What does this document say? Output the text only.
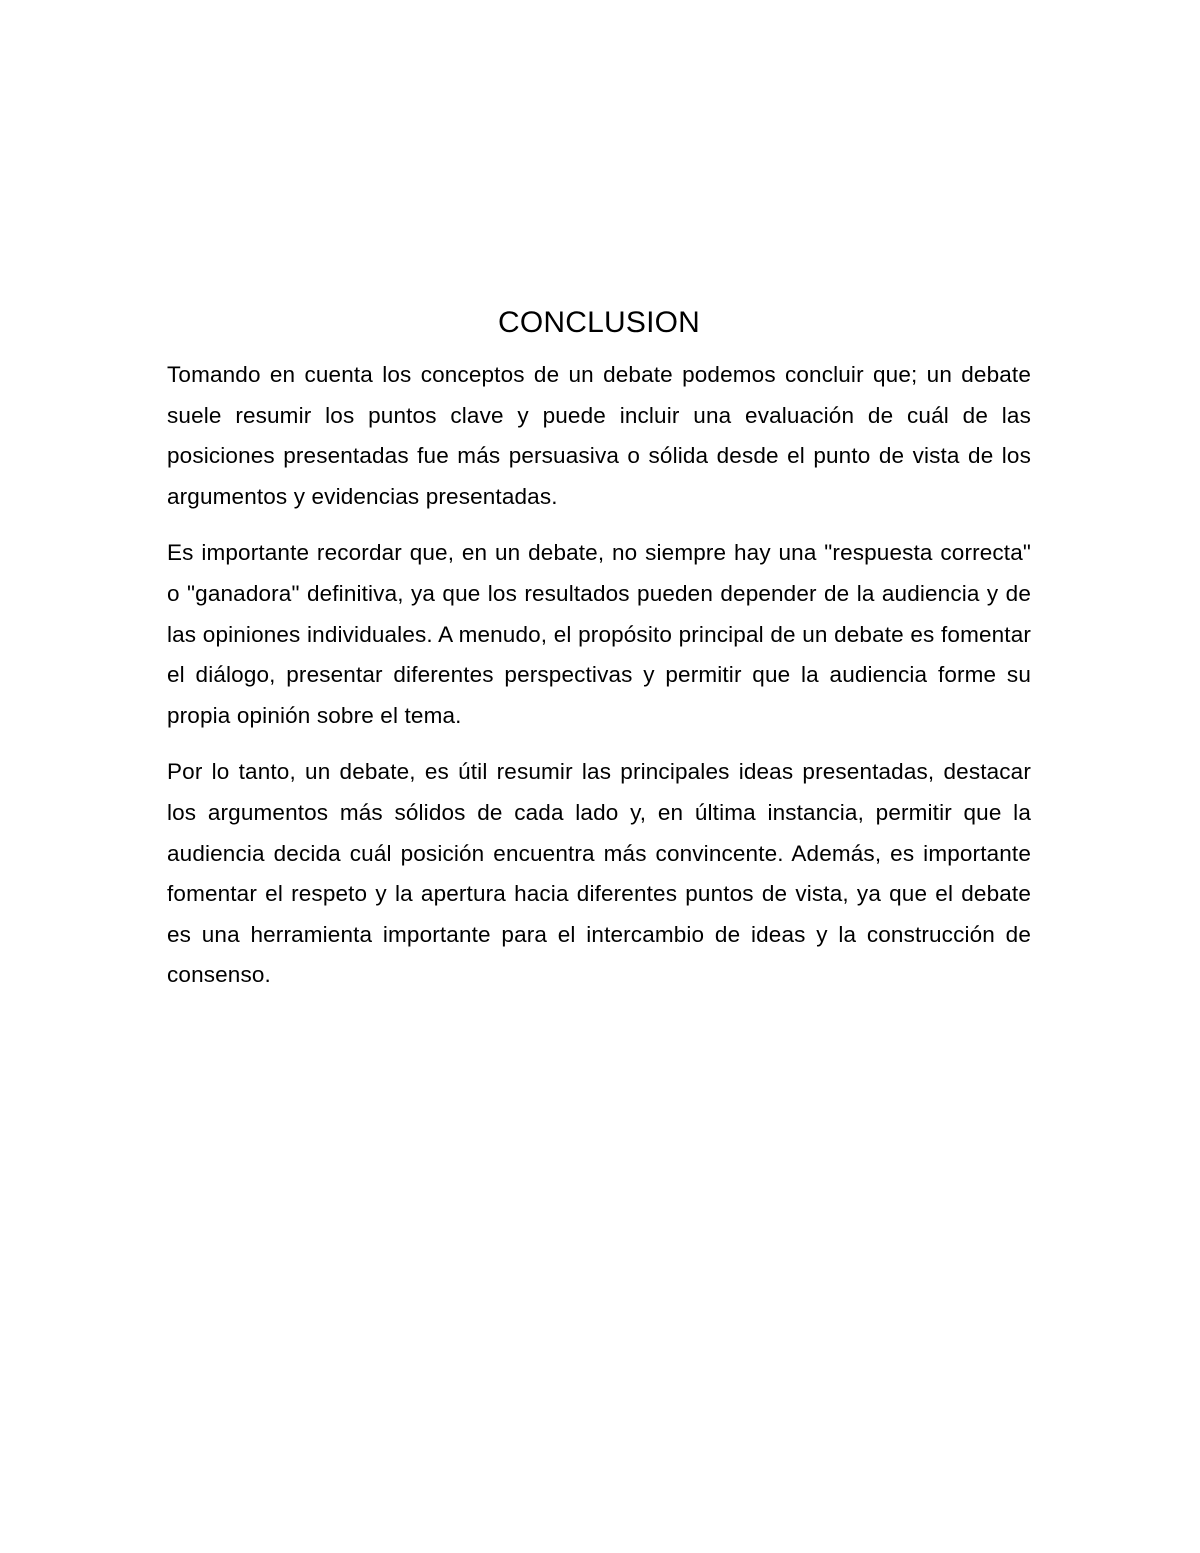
CONCLUSION

Tomando en cuenta los conceptos de un debate podemos concluir que; un debate suele resumir los puntos clave y puede incluir una evaluación de cuál de las posiciones presentadas fue más persuasiva o sólida desde el punto de vista de los argumentos y evidencias presentadas.

Es importante recordar que, en un debate, no siempre hay una "respuesta correcta" o "ganadora" definitiva, ya que los resultados pueden depender de la audiencia y de las opiniones individuales. A menudo, el propósito principal de un debate es fomentar el diálogo, presentar diferentes perspectivas y permitir que la audiencia forme su propia opinión sobre el tema.

Por lo tanto, un debate, es útil resumir las principales ideas presentadas, destacar los argumentos más sólidos de cada lado y, en última instancia, permitir que la audiencia decida cuál posición encuentra más convincente. Además, es importante fomentar el respeto y la apertura hacia diferentes puntos de vista, ya que el debate es una herramienta importante para el intercambio de ideas y la construcción de consenso.
